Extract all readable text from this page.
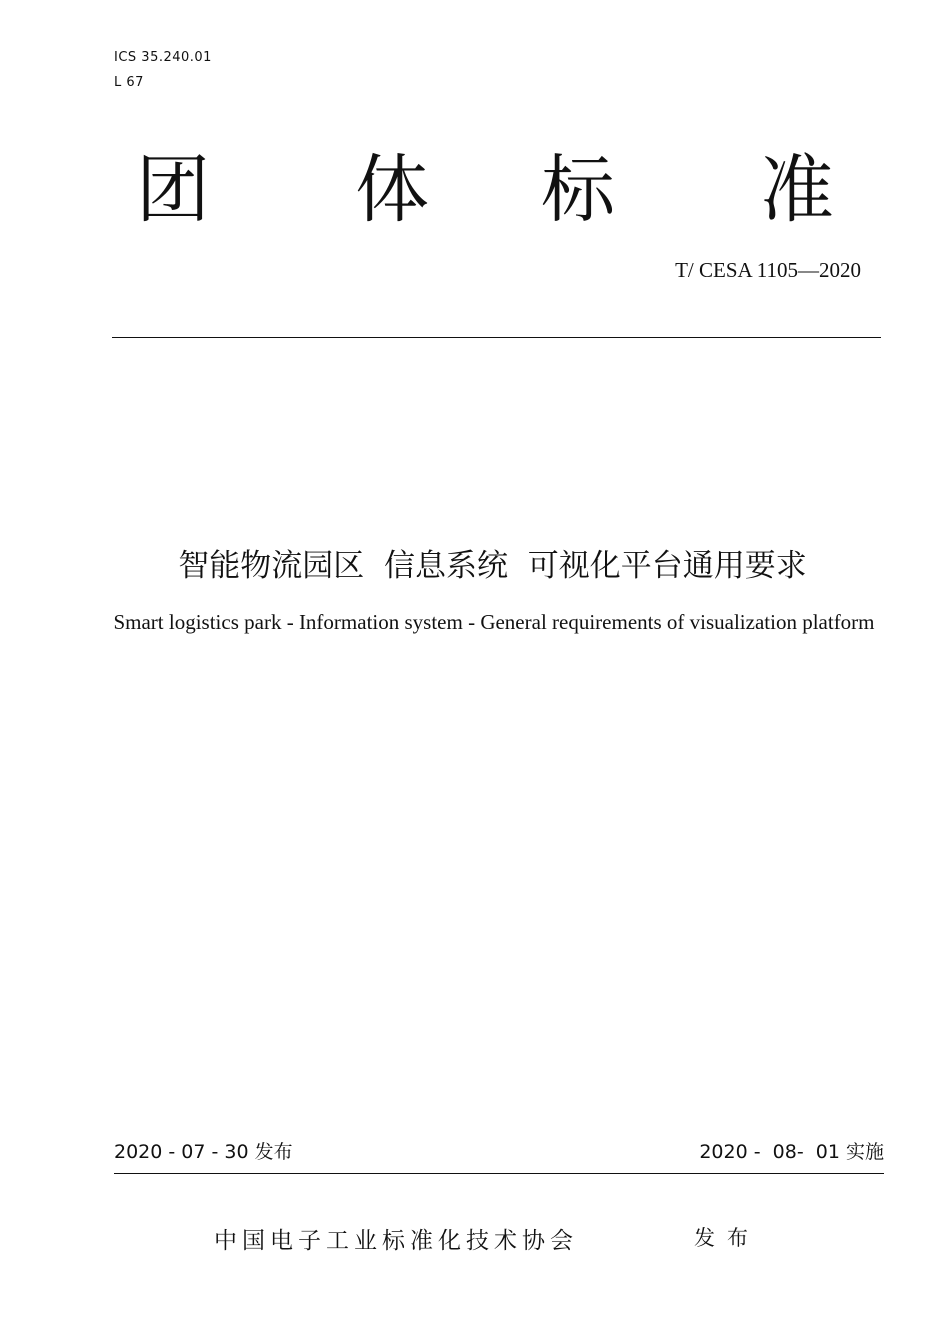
ICS 35.240.01
L 67
团 体 标 准
T/ CESA 1105—2020
智能物流园区  信息系统  可视化平台通用要求
Smart logistics park - Information system - General requirements of visualization platform
2020 - 07 - 30 发布	2020 -  08-  01 实施
中国电子工业标准化技术协会	发布
